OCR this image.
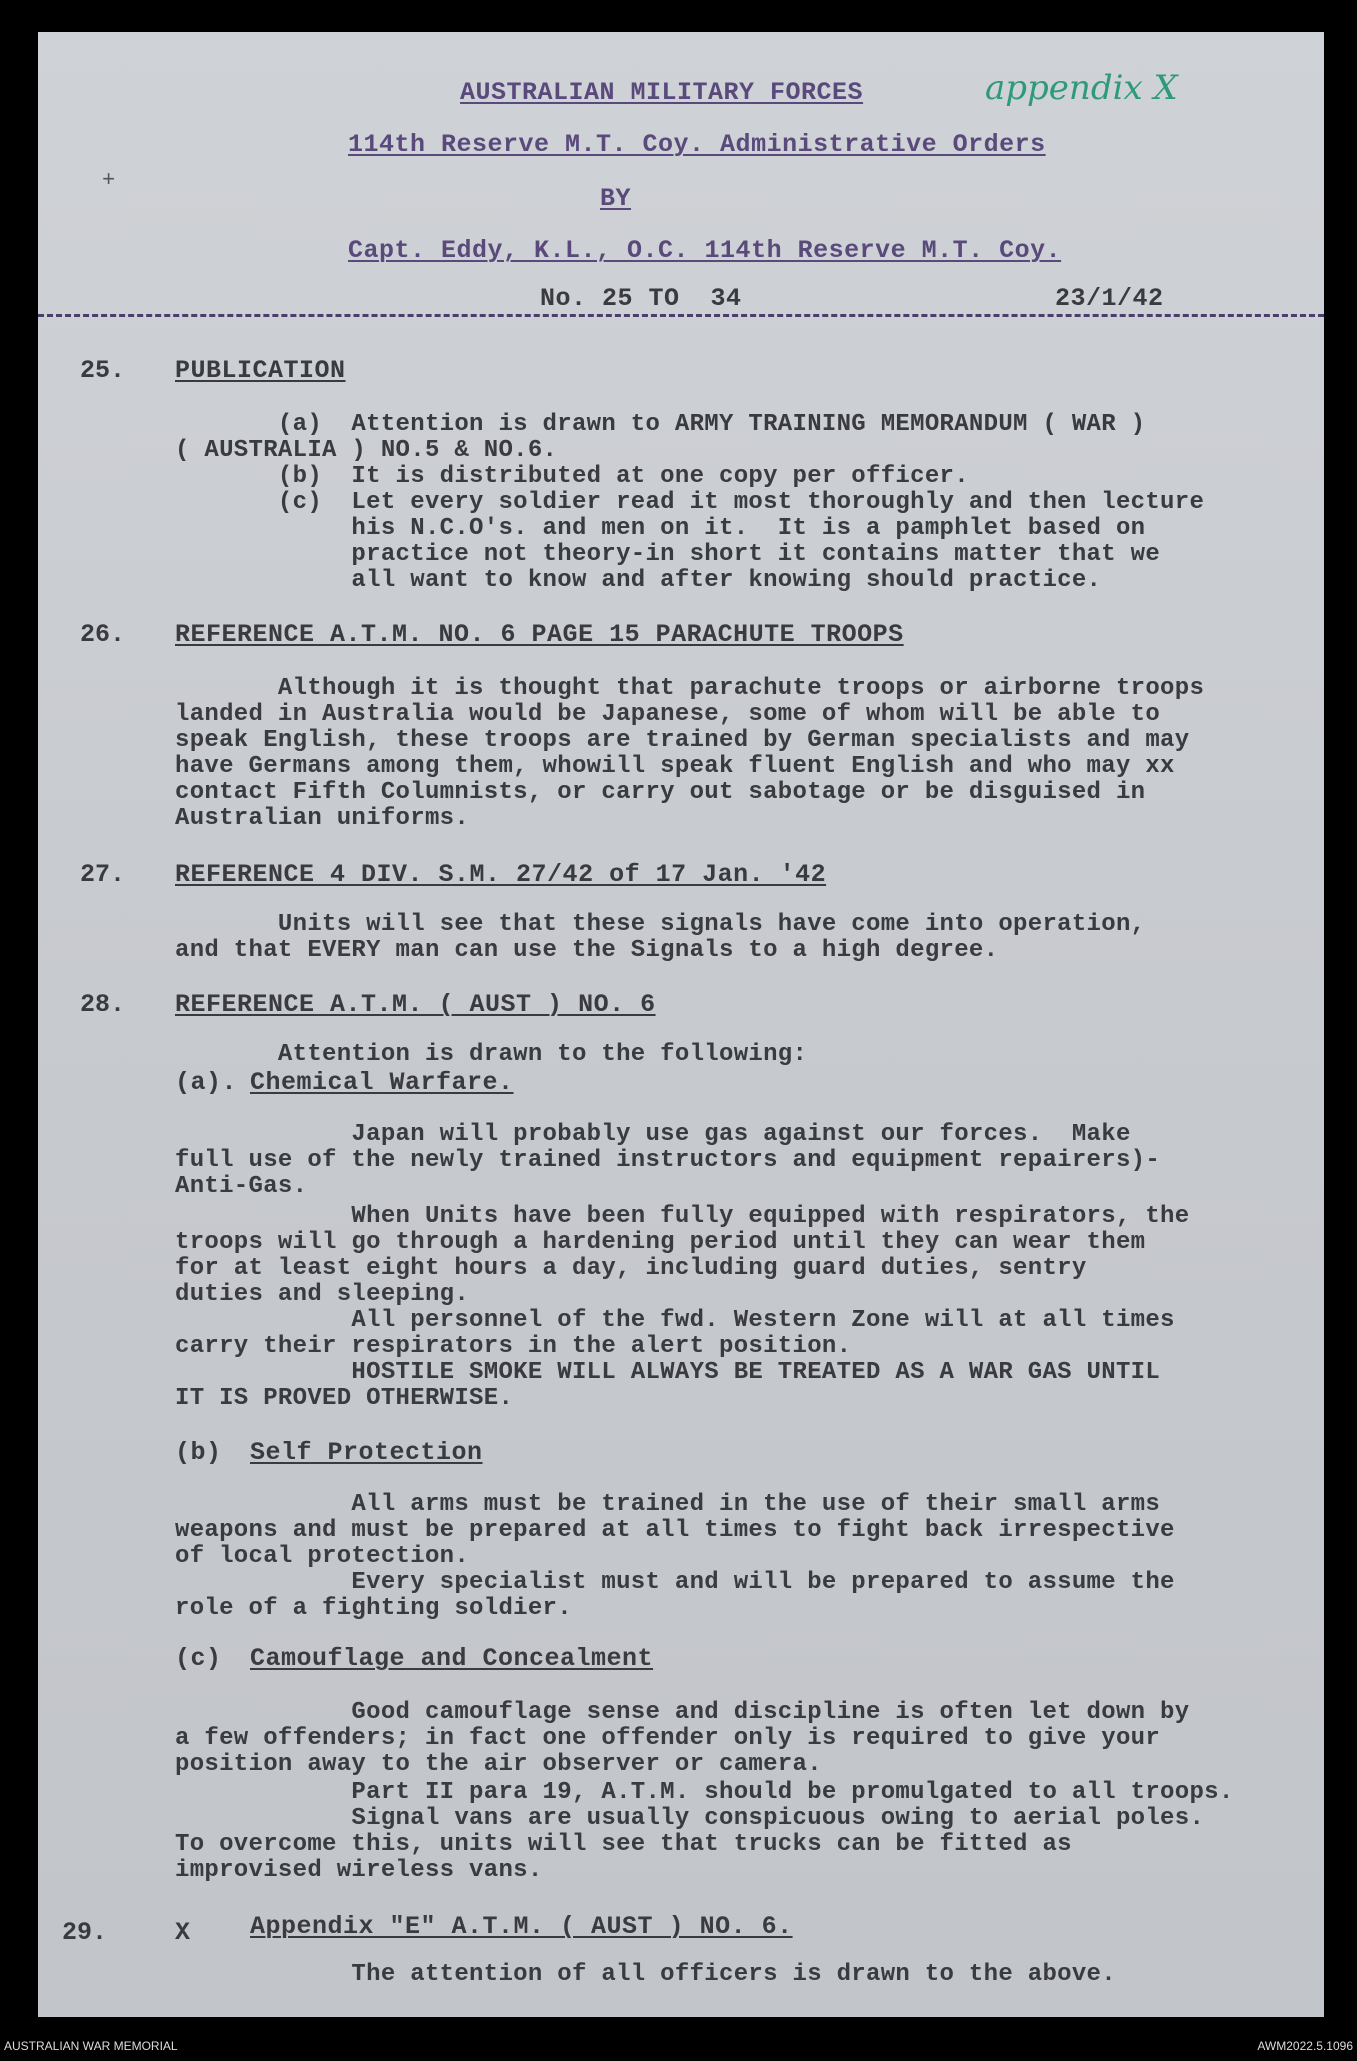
AUSTRALIAN MILITARY FORCES	appendix X
114th Reserve M.T. Coy. Administrative Orders
BY
Capt. Eddy, K.L., O.C. 114th Reserve M.T. Coy.
No. 25 TO  34	23/1/42
+
25. PUBLICATION
(a)  Attention is drawn to ARMY TRAINING MEMORANDUM ( WAR )
( AUSTRALIA ) NO.5 & NO.6.
(b)  It is distributed at one copy per officer.
(c)  Let every soldier read it most thoroughly and then lecture
his N.C.O's. and men on it.  It is a pamphlet based on
practice not theory-in short it contains matter that we
all want to know and after knowing should practice.
26. REFERENCE A.T.M. NO. 6 PAGE 15 PARACHUTE TROOPS
Although it is thought that parachute troops or airborne troops
landed in Australia would be Japanese, some of whom will be able to
speak English, these troops are trained by German specialists and may
have Germans among them, whowill speak fluent English and who may xx
contact Fifth Columnists, or carry out sabotage or be disguised in
Australian uniforms.
27. REFERENCE 4 DIV. S.M. 27/42 of 17 Jan. '42
Units will see that these signals have come into operation,
and that EVERY man can use the Signals to a high degree.
28. REFERENCE A.T.M. ( AUST ) NO. 6
Attention is drawn to the following:
(a). Chemical Warfare.
Japan will probably use gas against our forces.  Make
full use of the newly trained instructors and equipment repairers)-
Anti-Gas.
When Units have been fully equipped with respirators, the
troops will go through a hardening period until they can wear them
for at least eight hours a day, including guard duties, sentry
duties and sleeping.
All personnel of the fwd. Western Zone will at all times
carry their respirators in the alert position.
HOSTILE SMOKE WILL ALWAYS BE TREATED AS A WAR GAS UNTIL
IT IS PROVED OTHERWISE.
(b) Self Protection
All arms must be trained in the use of their small arms
weapons and must be prepared at all times to fight back irrespective
of local protection.
Every specialist must and will be prepared to assume the
role of a fighting soldier.
(c) Camouflage and Concealment
Good camouflage sense and discipline is often let down by
a few offenders; in fact one offender only is required to give your
position away to the air observer or camera.
Part II para 19, A.T.M. should be promulgated to all troops.
Signal vans are usually conspicuous owing to aerial poles.
To overcome this, units will see that trucks can be fitted as
improvised wireless vans.
29.	X Appendix "E" A.T.M. ( AUST ) NO. 6.
The attention of all officers is drawn to the above.
AUSTRALIAN WAR MEMORIAL	AWM2022.5.1096
